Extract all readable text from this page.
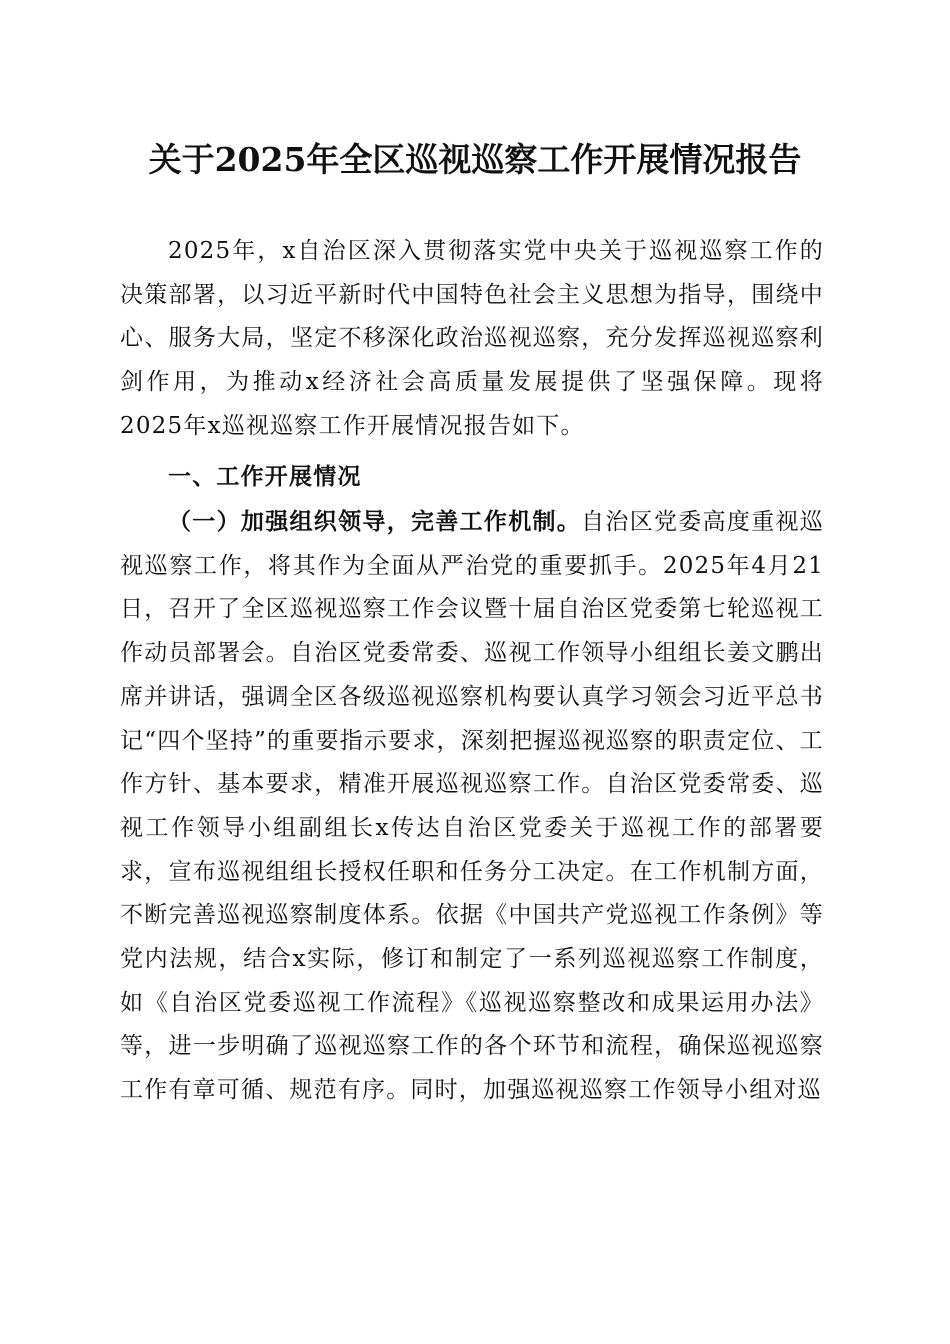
关于2025年全区巡视巡察工作开展情况报告

2025年，x自治区深入贯彻落实党中央关于巡视巡察工作的决策部署，以习近平新时代中国特色社会主义思想为指导，围绕中心、服务大局，坚定不移深化政治巡视巡察，充分发挥巡视巡察利剑作用，为推动x经济社会高质量发展提供了坚强保障。现将2025年x巡视巡察工作开展情况报告如下。

一、工作开展情况

（一）加强组织领导，完善工作机制。自治区党委高度重视巡视巡察工作，将其作为全面从严治党的重要抓手。2025年4月21日，召开了全区巡视巡察工作会议暨十届自治区党委第七轮巡视工作动员部署会。自治区党委常委、巡视工作领导小组组长姜文鹏出席并讲话，强调全区各级巡视巡察机构要认真学习领会习近平总书记“四个坚持”的重要指示要求，深刻把握巡视巡察的职责定位、工作方针、基本要求，精准开展巡视巡察工作。自治区党委常委、巡视工作领导小组副组长x传达自治区党委关于巡视工作的部署要求，宣布巡视组组长授权任职和任务分工决定。在工作机制方面，不断完善巡视巡察制度体系。依据《中国共产党巡视工作条例》等党内法规，结合x实际，修订和制定了一系列巡视巡察工作制度，如《自治区党委巡视工作流程》《巡视巡察整改和成果运用办法》等，进一步明确了巡视巡察工作的各个环节和流程，确保巡视巡察工作有章可循、规范有序。同时，加强巡视巡察工作领导小组对巡
